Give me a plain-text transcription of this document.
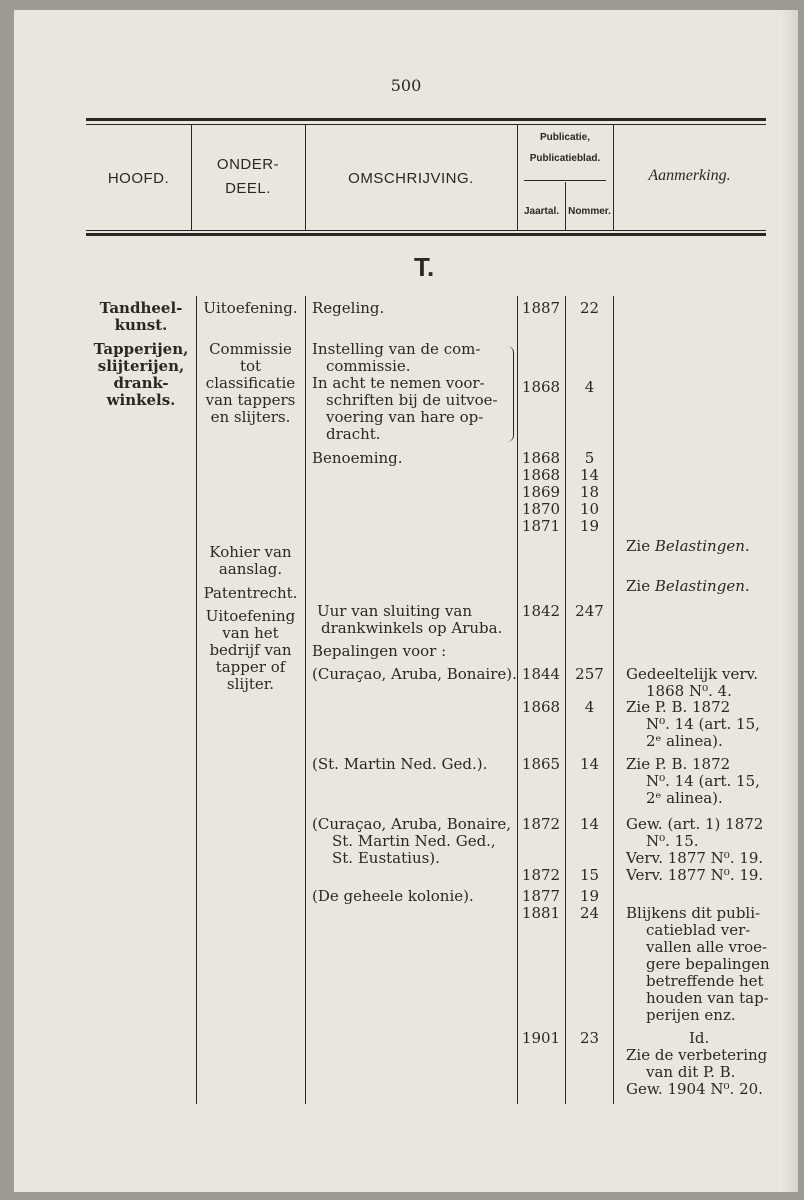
500
HOOFD.
ONDER-
DEEL.
OMSCHRIJVING.
Publicatie,
Publicatieblad.
Jaartal. Nommer.
Aanmerking.
T.
Tandheel-
kunst.
Tapperijen,
slijterijen,
drank-
winkels.
Uitoefening.
Commissie
tot
classificatie
van tappers
en slijters.
Kohier van
aanslag.
Patentrecht.
Uitoefening
van het
bedrijf van
tapper of
slijter.
Regeling.
Instelling van de com-
commissie.
In acht te nemen voor-
schriften bij de uitvoe-
voering van hare op-
dracht.
Benoeming.
Uur van sluiting van
drankwinkels op Aruba.
Bepalingen voor :
(Curaçao, Aruba, Bonaire).
(St. Martin Ned. Ged.).
(Curaçao, Aruba, Bonaire,
St. Martin Ned. Ged.,
St. Eustatius).
(De geheele kolonie).
1887
1868
1868
1868
1869
1870
1871
1842
1844
1868
1865
1872
1872
1877
1881
1901
22
4
5
14
18
10
19
247
257
4
14
14
15
19
24
23
Zie Belastingen.
Zie Belastingen.
Gedeeltelijk verv.
1868 N⁰. 4.
Zie P. B. 1872
N⁰. 14 (art. 15,
2ᵉ alinea).
Zie P. B. 1872
N⁰. 14 (art. 15,
2ᵉ alinea).
Gew. (art. 1) 1872
N⁰. 15.
Verv. 1877 N⁰. 19.
Verv. 1877 N⁰. 19.
Blijkens dit publi-
catieblad ver-
vallen alle vroe-
gere bepalingen
betreffende het
houden van tap-
perijen enz.
Id.
Zie de verbetering
van dit P. B.
Gew. 1904 N⁰. 20.
